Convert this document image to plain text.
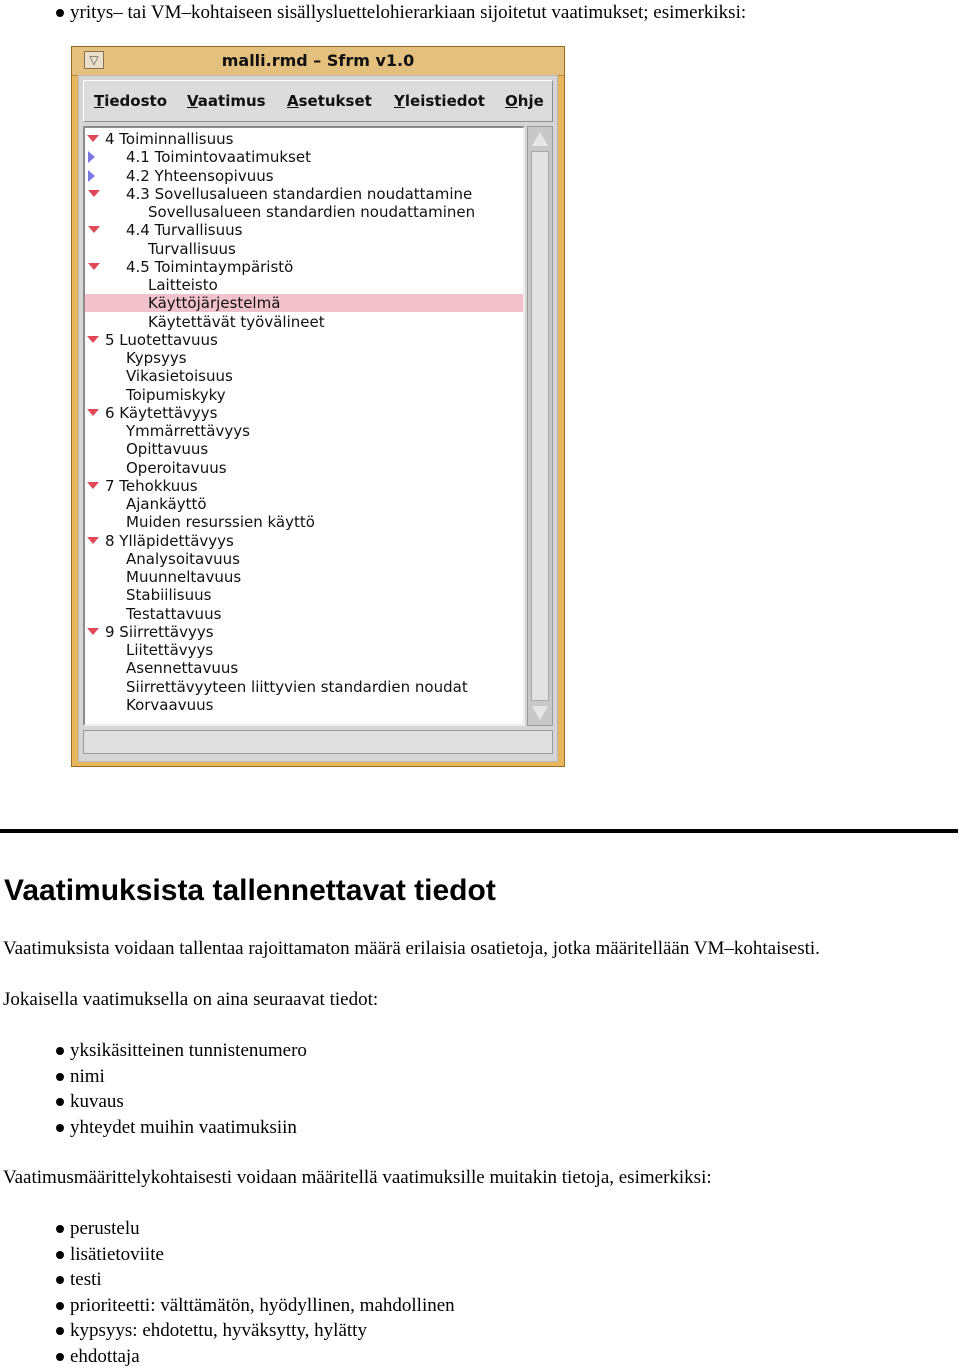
yritys– tai VM–kohtaiseen sisällysluettelohierarkiaan sijoitetut vaatimukset; esimerkiksi:
▽	malli.rmd – Sfrm v1.0
Tiedosto Vaatimus Asetukset Yleistiedot Ohje
4 Toiminnallisuus
4.1 Toimintovaatimukset
4.2 Yhteensopivuus
4.3 Sovellusalueen standardien noudattamine
Sovellusalueen standardien noudattaminen
4.4 Turvallisuus
Turvallisuus
4.5 Toimintaympäristö
Laitteisto
Käyttöjärjestelmä
Käytettävät työvälineet
5 Luotettavuus
Kypsyys
Vikasietoisuus
Toipumiskyky
6 Käytettävyys
Ymmärrettävyys
Opittavuus
Operoitavuus
7 Tehokkuus
Ajankäyttö
Muiden resurssien käyttö
8 Ylläpidettävyys
Analysoitavuus
Muunneltavuus
Stabiilisuus
Testattavuus
9 Siirrettävyys
Liitettävyys
Asennettavuus
Siirrettävyyteen liittyvien standardien noudat
Korvaavuus
Vaatimuksista tallennettavat tiedot
Vaatimuksista voidaan tallentaa rajoittamaton määrä erilaisia osatietoja, jotka määritellään VM–kohtaisesti.
Jokaisella vaatimuksella on aina seuraavat tiedot:
yksikäsitteinen tunnistenumero
nimi
kuvaus
yhteydet muihin vaatimuksiin
Vaatimusmäärittelykohtaisesti voidaan määritellä vaatimuksille muitakin tietoja, esimerkiksi:
perustelu
lisätietoviite
testi
prioriteetti: välttämätön, hyödyllinen, mahdollinen
kypsyys: ehdotettu, hyväksytty, hylätty
ehdottaja
